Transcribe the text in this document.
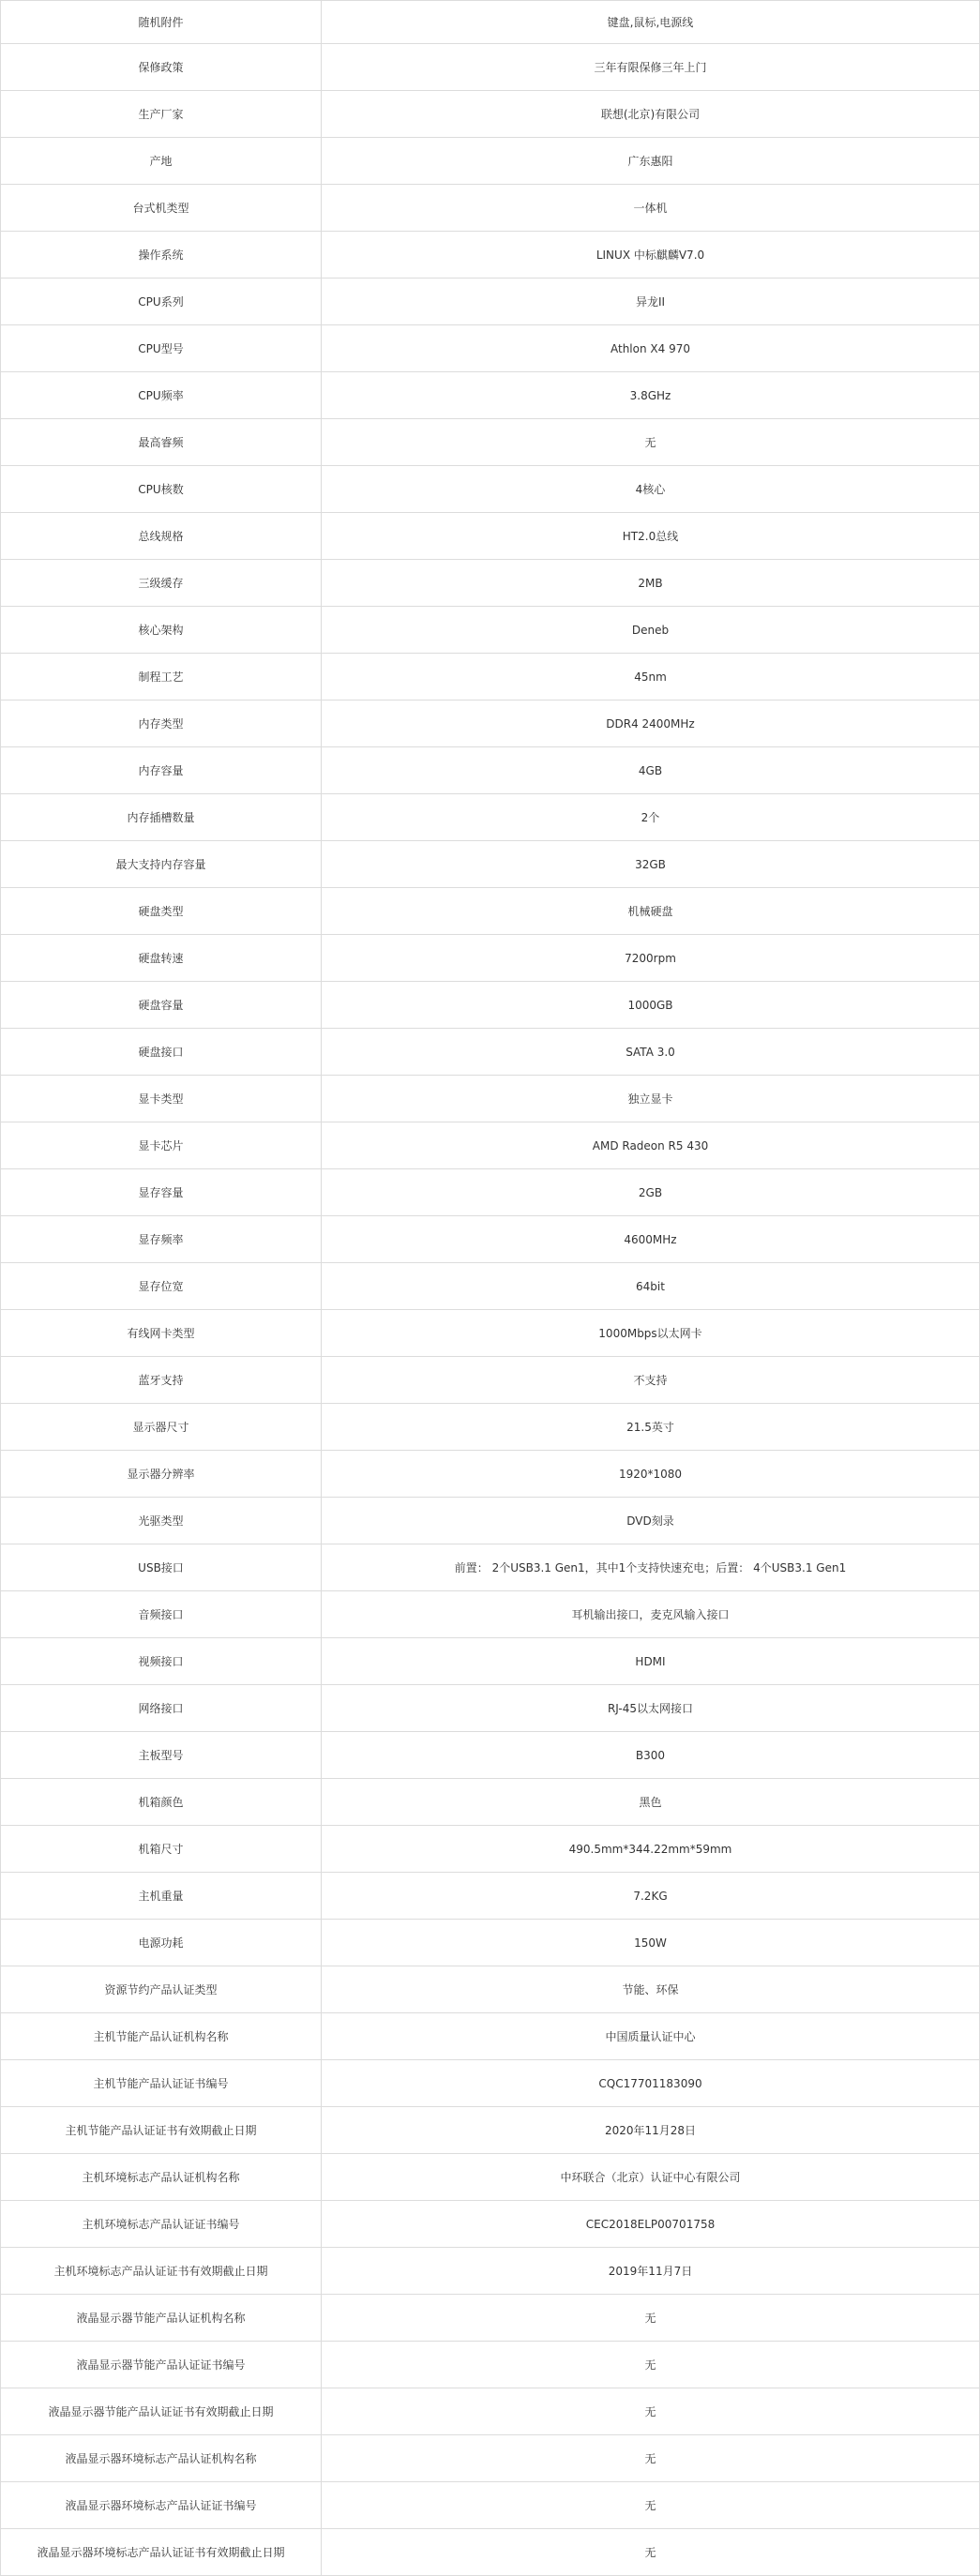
随机附件	键盘,鼠标,电源线
保修政策	三年有限保修三年上门
生产厂家	联想(北京)有限公司
产地	广东惠阳
台式机类型	一体机
操作系统	LINUX 中标麒麟V7.0
CPU系列	异龙II
CPU型号	Athlon X4 970
CPU频率	3.8GHz
最高睿频	无
CPU核数	4核心
总线规格	HT2.0总线
三级缓存	2MB
核心架构	Deneb
制程工艺	45nm
内存类型	DDR4 2400MHz
内存容量	4GB
内存插槽数量	2个
最大支持内存容量	32GB
硬盘类型	机械硬盘
硬盘转速	7200rpm
硬盘容量	1000GB
硬盘接口	SATA 3.0
显卡类型	独立显卡
显卡芯片	AMD Radeon R5 430
显存容量	2GB
显存频率	4600MHz
显存位宽	64bit
有线网卡类型	1000Mbps以太网卡
蓝牙支持	不支持
显示器尺寸	21.5英寸
显示器分辨率	1920*1080
光驱类型	DVD刻录
USB接口	前置： 2个USB3.1 Gen1，其中1个支持快速充电；后置： 4个USB3.1 Gen1
音频接口	耳机输出接口，麦克风输入接口
视频接口	HDMI
网络接口	RJ-45以太网接口
主板型号	B300
机箱颜色	黑色
机箱尺寸	490.5mm*344.22mm*59mm
主机重量	7.2KG
电源功耗	150W
资源节约产品认证类型	节能、环保
主机节能产品认证机构名称	中国质量认证中心
主机节能产品认证证书编号	CQC17701183090
主机节能产品认证证书有效期截止日期	2020年11月28日
主机环境标志产品认证机构名称	中环联合（北京）认证中心有限公司
主机环境标志产品认证证书编号	CEC2018ELP00701758
主机环境标志产品认证证书有效期截止日期	2019年11月7日
液晶显示器节能产品认证机构名称	无
液晶显示器节能产品认证证书编号	无
液晶显示器节能产品认证证书有效期截止日期	无
液晶显示器环境标志产品认证机构名称	无
液晶显示器环境标志产品认证证书编号	无
液晶显示器环境标志产品认证证书有效期截止日期	无
